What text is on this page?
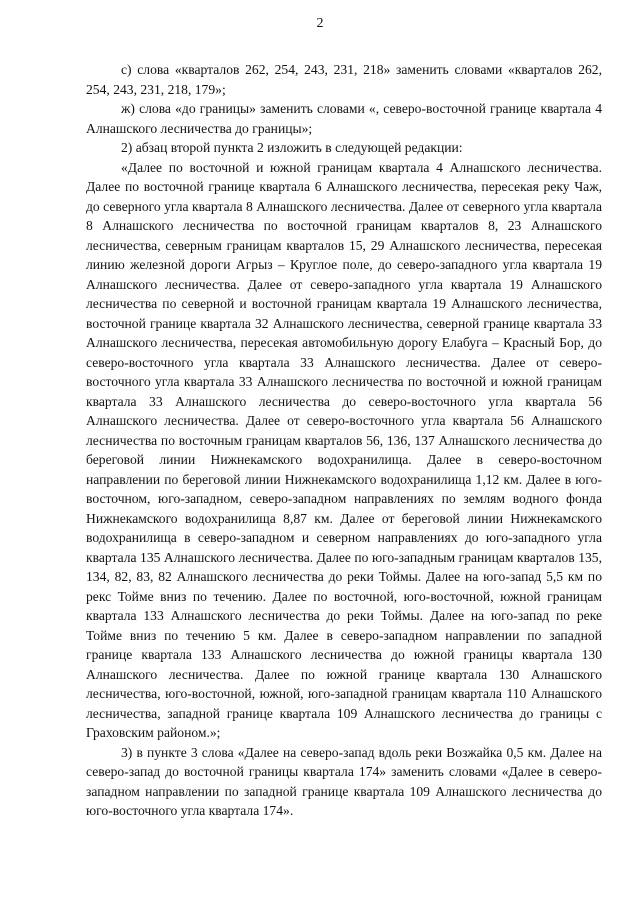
2

с) слова «кварталов 262, 254, 243, 231, 218» заменить словами «кварталов 262, 254, 243, 231, 218, 179»;

ж) слова «до границы» заменить словами «, северо-восточной границе квартала 4 Алнашского лесничества до границы»;

2) абзац второй пункта 2 изложить в следующей редакции:

«Далее по восточной и южной границам квартала 4 Алнашского лесничества. Далее по восточной границе квартала 6 Алнашского лесничества, пересекая реку Чаж, до северного угла квартала 8 Алнашского лесничества. Далее от северного угла квартала 8 Алнашского лесничества по восточной границам кварталов 8, 23 Алнашского лесничества, северным границам кварталов 15, 29 Алнашского лесничества, пересекая линию железной дороги Агрыз – Круглое поле, до северо-западного угла квартала 19 Алнашского лесничества. Далее от северо-западного угла квартала 19 Алнашского лесничества по северной и восточной границам квартала 19 Алнашского лесничества, восточной границе квартала 32 Алнашского лесничества, северной границе квартала 33 Алнашского лесничества, пересекая автомобильную дорогу Елабуга – Красный Бор, до северо-восточного угла квартала 33 Алнашского лесничества. Далее от северо-восточного угла квартала 33 Алнашского лесничества по восточной и южной границам квартала 33 Алнашского лесничества до северо-восточного угла квартала 56 Алнашского лесничества. Далее от северо-восточного угла квартала 56 Алнашского лесничества по восточным границам кварталов 56, 136, 137 Алнашского лесничества до береговой линии Нижнекамского водохранилища. Далее в северо-восточном направлении по береговой линии Нижнекамского водохранилища 1,12 км. Далее в юго-восточном, юго-западном, северо-западном направлениях по землям водного фонда Нижнекамского водохранилища 8,87 км. Далее от береговой линии Нижнекамского водохранилища в северо-западном и северном направлениях до юго-западного угла квартала 135 Алнашского лесничества. Далее по юго-западным границам кварталов 135, 134, 82, 83, 82 Алнашского лесничества до реки Тоймы. Далее на юго-запад 5,5 км по рекс Тойме вниз по течению. Далее по восточной, юго-восточной, южной границам квартала 133 Алнашского лесничества до реки Тоймы. Далее на юго-запад по реке Тойме вниз по течению 5 км. Далее в северо-западном направлении по западной границе квартала 133 Алнашского лесничества до южной границы квартала 130 Алнашского лесничества. Далее по южной границе квартала 130 Алнашского лесничества, юго-восточной, южной, юго-западной границам квартала 110 Алнашского лесничества, западной границе квартала 109 Алнашского лесничества до границы с Граховским районом.»;

3) в пункте 3 слова «Далее на северо-запад вдоль реки Возжайка 0,5 км. Далее на северо-запад до восточной границы квартала 174» заменить словами «Далее в северо-западном направлении по западной границе квартала 109 Алнашского лесничества до юго-восточного угла квартала 174».
